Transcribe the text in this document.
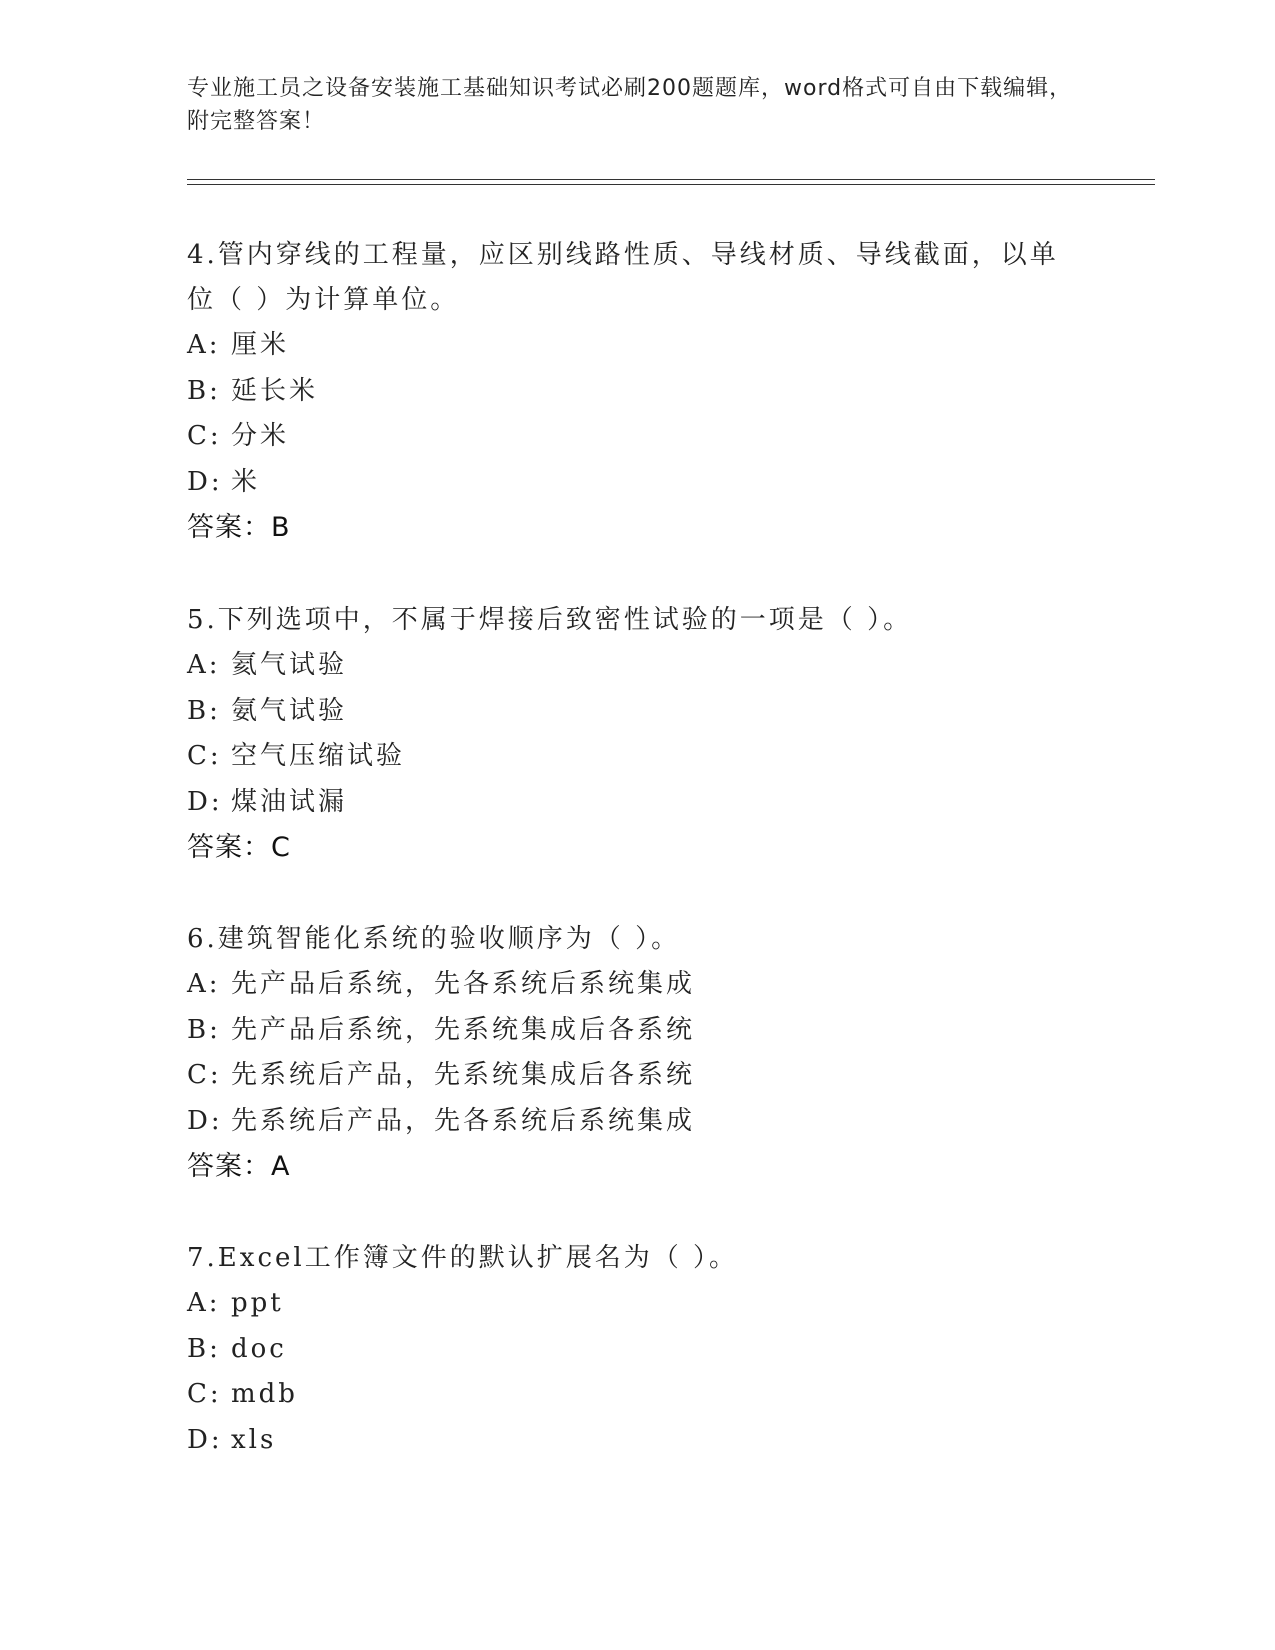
专业施工员之设备安装施工基础知识考试必刷200题题库，word格式可自由下载编辑，附完整答案！

4.管内穿线的工程量，应区别线路性质、导线材质、导线截面，以单位（ ）为计算单位。

A: 厘米

B: 延长米

C: 分米

D: 米

答案：B

5.下列选项中，不属于焊接后致密性试验的一项是（ ）。

A: 氦气试验

B: 氨气试验

C: 空气压缩试验

D: 煤油试漏

答案：C

6.建筑智能化系统的验收顺序为（ ）。

A: 先产品后系统，先各系统后系统集成

B: 先产品后系统，先系统集成后各系统

C: 先系统后产品，先系统集成后各系统

D: 先系统后产品，先各系统后系统集成

答案：A

7.Excel工作簿文件的默认扩展名为（ ）。

A: ppt

B: doc

C: mdb

D: xls
